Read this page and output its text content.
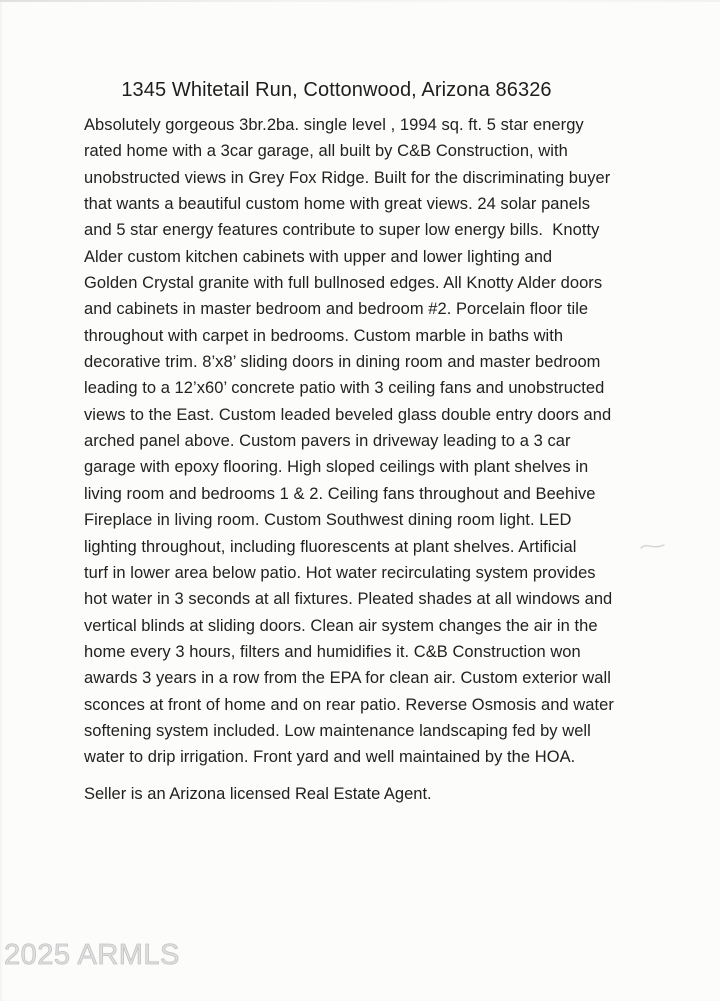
1345 Whitetail Run, Cottonwood, Arizona 86326
Absolutely gorgeous 3br.2ba. single level , 1994 sq. ft. 5 star energy
rated home with a 3car garage, all built by C&B Construction, with
unobstructed views in Grey Fox Ridge. Built for the discriminating buyer
that wants a beautiful custom home with great views. 24 solar panels
and 5 star energy features contribute to super low energy bills.  Knotty
Alder custom kitchen cabinets with upper and lower lighting and
Golden Crystal granite with full bullnosed edges. All Knotty Alder doors
and cabinets in master bedroom and bedroom #2. Porcelain floor tile
throughout with carpet in bedrooms. Custom marble in baths with
decorative trim. 8’x8’ sliding doors in dining room and master bedroom
leading to a 12’x60’ concrete patio with 3 ceiling fans and unobstructed
views to the East. Custom leaded beveled glass double entry doors and
arched panel above. Custom pavers in driveway leading to a 3 car
garage with epoxy flooring. High sloped ceilings with plant shelves in
living room and bedrooms 1 & 2. Ceiling fans throughout and Beehive
Fireplace in living room. Custom Southwest dining room light. LED
lighting throughout, including fluorescents at plant shelves. Artificial
turf in lower area below patio. Hot water recirculating system provides
hot water in 3 seconds at all fixtures. Pleated shades at all windows and
vertical blinds at sliding doors. Clean air system changes the air in the
home every 3 hours, filters and humidifies it. C&B Construction won
awards 3 years in a row from the EPA for clean air. Custom exterior wall
sconces at front of home and on rear patio. Reverse Osmosis and water
softening system included. Low maintenance landscaping fed by well
water to drip irrigation. Front yard and well maintained by the HOA.
Seller is an Arizona licensed Real Estate Agent.
2025 ARMLS
